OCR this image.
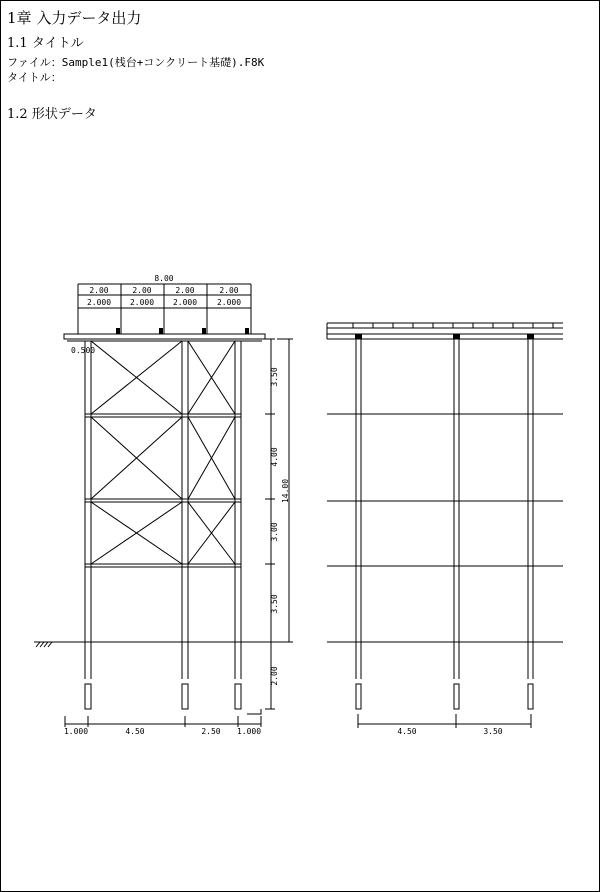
1章 入力データ出力
1.1 タイトル
ファイル：Sample1(桟台+コンクリート基礎).F8K
タイトル：
1.2 形状データ
8.00
2.00	2.00	2.00	2.00
2.000 2.000 2.000 2.000
0.500
3.50
4.00
3.00
3.50
2.00
14.00
1.000	4.50	2.50 1.000	4.50	3.50
